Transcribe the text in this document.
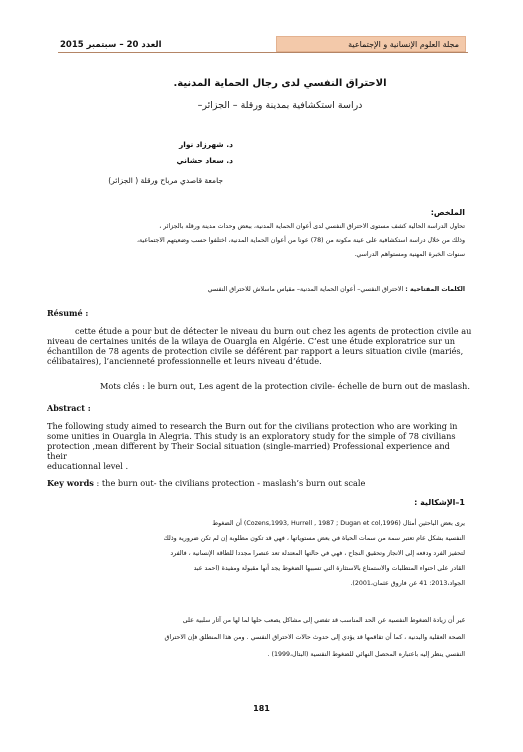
مجلة العلوم الإنسانية و الإجتماعية
العدد 20 – سبتمبر 2015
الاحتراق النفسي لدى رجال الحماية المدنية.
دراسة استكشافية بمدينة ورقلة – الجزائر–
د. شهرزاد نوار
د. سعاد حشاني
جامعة قاصدي مرباح ورقلة ( الجزائر)
الملخص:
تحاول الدراسة الحالية كشف مستوى الاحتراق النفسي لدى أعوان الحماية المدنية، ببعض وحدات مدينة ورقلة بالجزائر ،
وذلك من خلال دراسة استكشافية على عينة مكونة من (78) عونا من أعوان الحماية المدنية، اختلفوا حسب وضعيتهم الاجتماعية،
سنوات الخبرة المهنية ومستواهم الدراسي.
الكلمات المفتاحية : الاحتراق النفسي– أعوان الحماية المدنية– مقياس ماسلاش للاحتراق النفسي
Résumé :
cette étude a pour but de détecter le niveau du burn out chez les agents de protection civile au
niveau de certaines unités de la wilaya de Ouargla en Algérie. C’est une étude exploratrice sur un
échantillon de 78 agents de protection civile se déférent par rapport a leurs situation civile (mariés,
célibataires), l’ancienneté professionnelle et leurs niveau d’étude.
Mots clés : le burn out, Les agent de la protection civile- échelle de burn out de maslash.
Abstract :
The following study aimed to research the Burn out for the civilians protection who are working in
some unities in Ouargla in Alegria. This study is an exploratory study for the simple of 78 civilians
protection ,mean different by Their Social situation (single-married) Professional experience and their
educationnal level .
Key words : the burn out- the civilians protection - maslash’s burn out scale
1–الإشكالية :
يرى بعض الباحثين أمثال (Cozens,1993, Hurrell , 1987 ; Dugan et col,1996) أن الضغوط
النفسية بشكل عام تعتبر سمة من سمات الحياة في بعض مستوياتها ، فهي قد تكون مطلوبة إن لم تكن ضرورية وذلك
لتحفيز الفرد ودفعه إلى الانجاز وتحقيق النجاح ، فهي في حالتها المعتدلة تعد عنصرا مجددا للطاقة الإنسانية ، فالفرد
القادر على احتواء المتطلبات والاستمتاع بالاستثارة التي تسببها الضغوط يجد أنها مقبولة ومفيدة (احمد عبد
الجواد،2013: 41 عن فاروق عثمان،2001).
غير أن زيادة الضغوط النفسية عن الحد المناسب قد تفضي إلى مشاكل يصعب حلها لما لها من آثار سلبية على
الصحة العقلية والبدنية ، كما أن تفاقمها قد يؤدي إلى حدوث حالات الاحتراق النفسي . ومن هذا المنطلق فإن الاحتراق
النفسي ينظر إليه باعتباره المحصل النهائي للضغوط النفسية (البتال،1999) .
181
